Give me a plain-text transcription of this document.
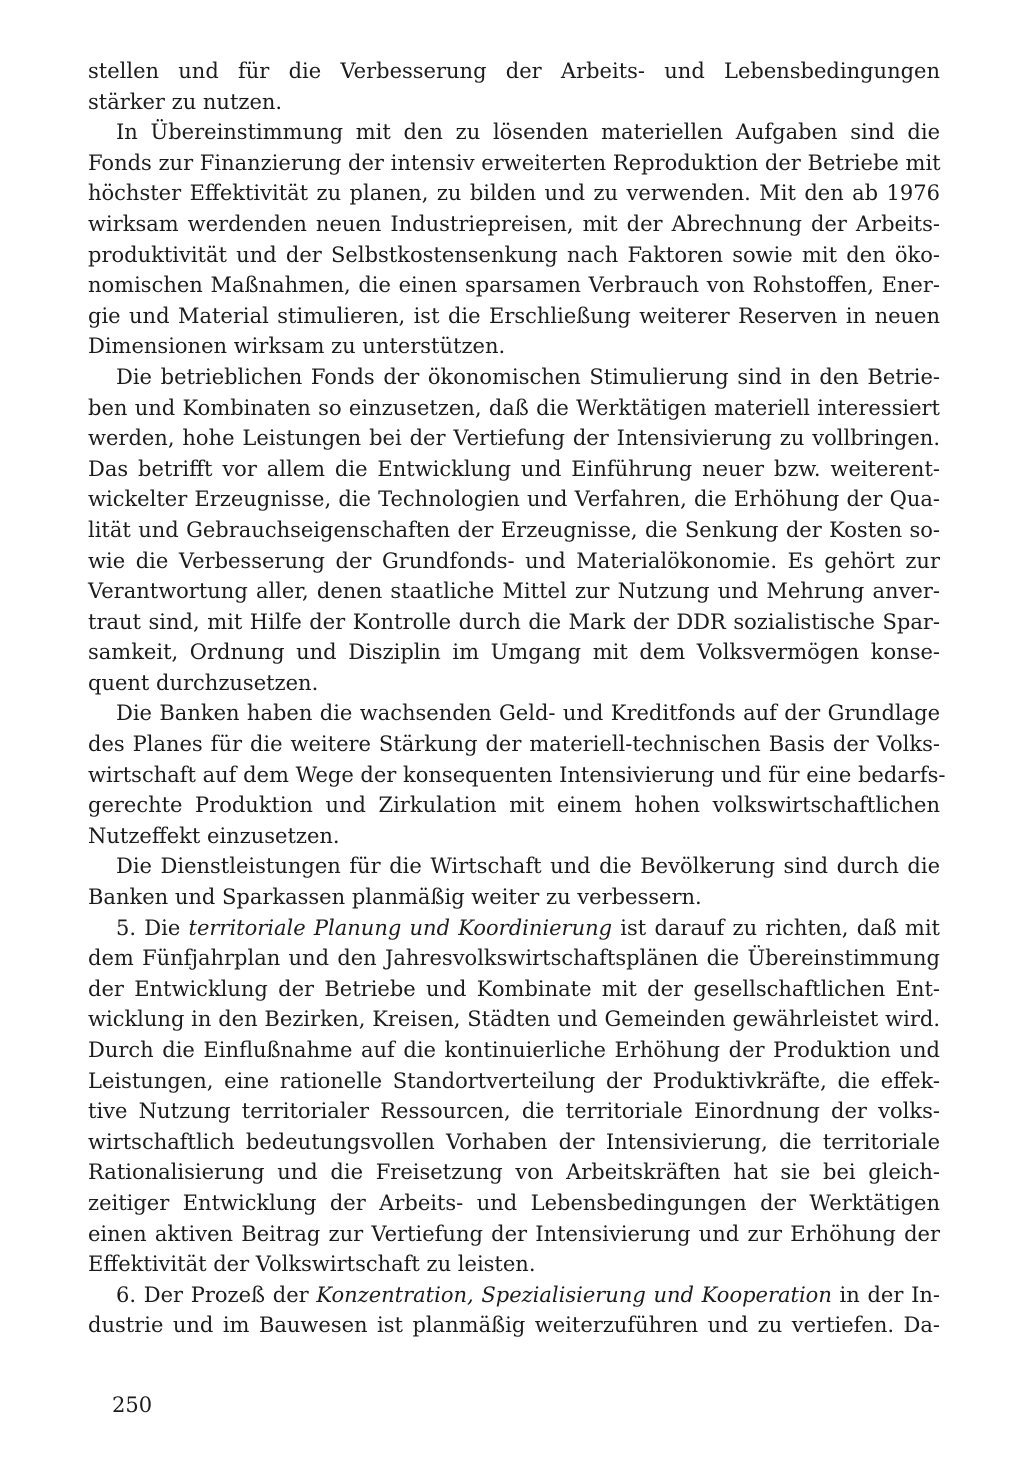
stellen und für die Verbesserung der Arbeits- und Lebensbedingungen
stärker zu nutzen.
In Übereinstimmung mit den zu lösenden materiellen Aufgaben sind die
Fonds zur Finanzierung der intensiv erweiterten Reproduktion der Betriebe mit
höchster Effektivität zu planen, zu bilden und zu verwenden. Mit den ab 1976
wirksam werdenden neuen Industriepreisen, mit der Abrechnung der Arbeits-
produktivität und der Selbstkostensenkung nach Faktoren sowie mit den öko-
nomischen Maßnahmen, die einen sparsamen Verbrauch von Rohstoffen, Ener-
gie und Material stimulieren, ist die Erschließung weiterer Reserven in neuen
Dimensionen wirksam zu unterstützen.
Die betrieblichen Fonds der ökonomischen Stimulierung sind in den Betrie-
ben und Kombinaten so einzusetzen, daß die Werktätigen materiell interessiert
werden, hohe Leistungen bei der Vertiefung der Intensivierung zu vollbringen.
Das betrifft vor allem die Entwicklung und Einführung neuer bzw. weiterent-
wickelter Erzeugnisse, die Technologien und Verfahren, die Erhöhung der Qua-
lität und Gebrauchseigenschaften der Erzeugnisse, die Senkung der Kosten so-
wie die Verbesserung der Grundfonds- und Materialökonomie. Es gehört zur
Verantwortung aller, denen staatliche Mittel zur Nutzung und Mehrung anver-
traut sind, mit Hilfe der Kontrolle durch die Mark der DDR sozialistische Spar-
samkeit, Ordnung und Disziplin im Umgang mit dem Volksvermögen konse-
quent durchzusetzen.
Die Banken haben die wachsenden Geld- und Kreditfonds auf der Grundlage
des Planes für die weitere Stärkung der materiell-technischen Basis der Volks-
wirtschaft auf dem Wege der konsequenten Intensivierung und für eine bedarfs-
gerechte Produktion und Zirkulation mit einem hohen volkswirtschaftlichen
Nutzeffekt einzusetzen.
Die Dienstleistungen für die Wirtschaft und die Bevölkerung sind durch die
Banken und Sparkassen planmäßig weiter zu verbessern.
5. Die territoriale Planung und Koordinierung ist darauf zu richten, daß mit
dem Fünfjahrplan und den Jahresvolkswirtschaftsplänen die Übereinstimmung
der Entwicklung der Betriebe und Kombinate mit der gesellschaftlichen Ent-
wicklung in den Bezirken, Kreisen, Städten und Gemeinden gewährleistet wird.
Durch die Einflußnahme auf die kontinuierliche Erhöhung der Produktion und
Leistungen, eine rationelle Standortverteilung der Produktivkräfte, die effek-
tive Nutzung territorialer Ressourcen, die territoriale Einordnung der volks-
wirtschaftlich bedeutungsvollen Vorhaben der Intensivierung, die territoriale
Rationalisierung und die Freisetzung von Arbeitskräften hat sie bei gleich-
zeitiger Entwicklung der Arbeits- und Lebensbedingungen der Werktätigen
einen aktiven Beitrag zur Vertiefung der Intensivierung und zur Erhöhung der
Effektivität der Volkswirtschaft zu leisten.
6. Der Prozeß der Konzentration, Spezialisierung und Kooperation in der In-
dustrie und im Bauwesen ist planmäßig weiterzuführen und zu vertiefen. Da-
250
